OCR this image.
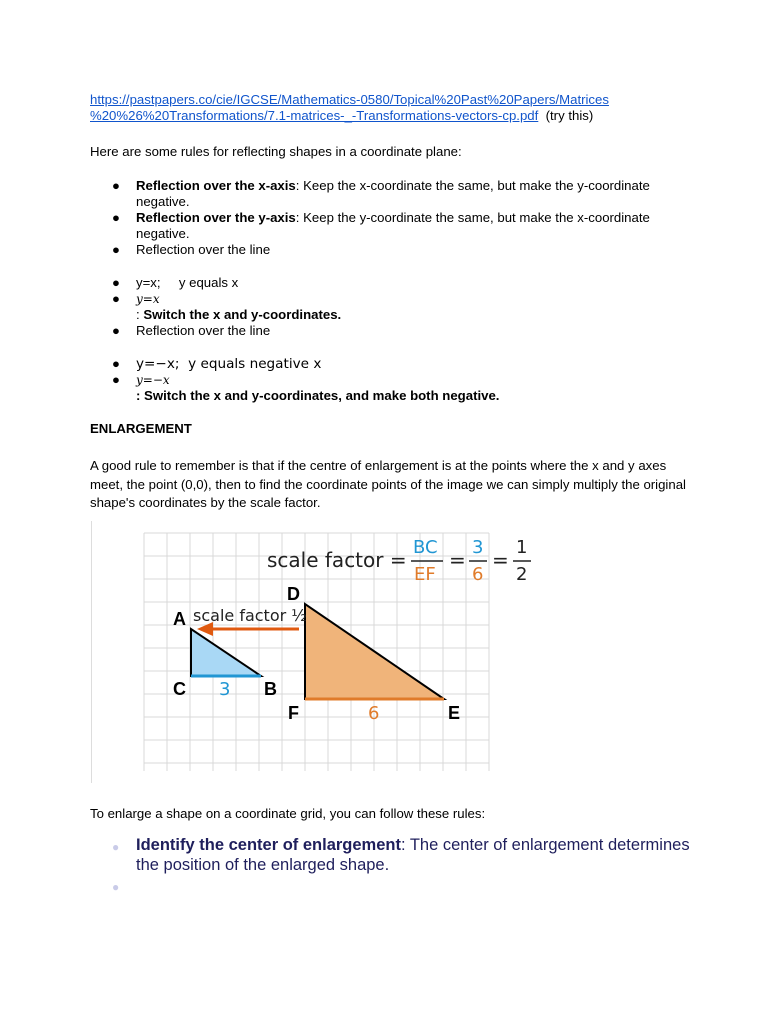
https://pastpapers.co/cie/IGCSE/Mathematics-0580/Topical%20Past%20Papers/Matrices
%20%26%20Transformations/7.1-matrices-_-Transformations-vectors-cp.pdf (try this)

Here are some rules for reflecting shapes in a coordinate plane:

●	Reflection over the x-axis: Keep the x-coordinate the same, but make the y-coordinate negative.
●	Reflection over the y-axis: Keep the y-coordinate the same, but make the x-coordinate negative.
●	Reflection over the line
●	y=x;     y equals x
●	y=x
: Switch the x and y-coordinates.
●	Reflection over the line
● y=−x;  y equals negative x
●	y=−x
: Switch the x and y-coordinates, and make both negative.

ENLARGEMENT

A good rule to remember is that if the centre of enlargement is at the points where the x and y axes meet, the point (0,0), then to find the coordinate points of the image we can simply multiply the original shape's coordinates by the scale factor.

scale factor ½
A
C	B
D
F	E
3
6
scale factor =
BC
EF
=
3
6
=
1
2
To enlarge a shape on a coordinate grid, you can follow these rules:
● Identify the center of enlargement: The center of enlargement determines the position of the enlarged shape.
●
